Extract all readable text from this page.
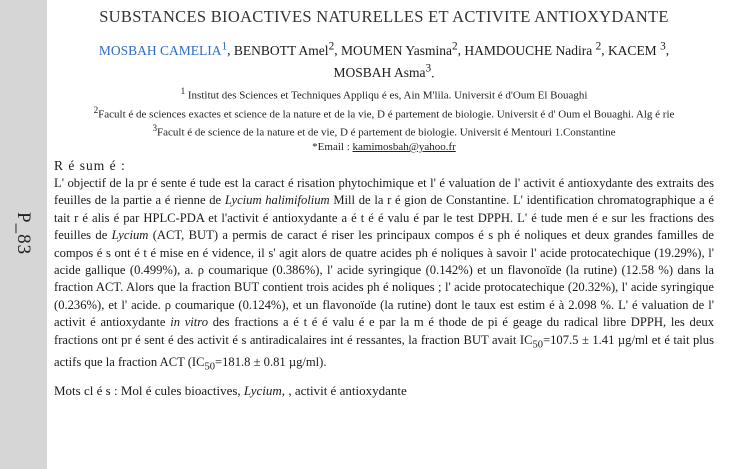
P_83
SUBSTANCES BIOACTIVES NATURELLES ET ACTIVITE ANTIOXYDANTE
MOSBAH CAMELIA$^1$, BENBOTT Amel$^2$, MOUMEN Yasmina$^2$, HAMDOUCHE Nadira $^2$, KACEM $^3$,
MOSBAH Asma$^3$.
$^1$ Institut des Sciences et Techniques Appliqu é es, Ain M'lila. Universit é d'Oum El Bouaghi
$^2$Facult é de sciences exactes et science de la nature et de la vie, D é partement de biologie. Universit é d' Oum el Bouaghi. Alg é rie
$^3$Facult é de science de la nature et de vie, D é partement de biologie. Universit é Mentouri 1.Constantine
*Email : kamimosbah@yahoo.fr
R é sum é :
L' objectif de la pr é sente é tude est la caract é risation phytochimique et l' é valuation de l' activit é antioxydante des extraits des feuilles de la partie a é rienne de Lycium halimifolium Mill de la r é gion de Constantine. L' identification chromatographique a é tait r é alis é par HPLC-PDA et l'activit é antioxydante a é t é é valu é par le test DPPH. L' é tude men é e sur les fractions des feuilles de Lycium (ACT, BUT) a permis de caract é riser les principaux compos é s ph é noliques et deux grandes familles de compos é s ont é t é mise en é vidence, il s' agit alors de quatre acides ph é noliques à savoir l' acide protocatechique (19.29%), l' acide gallique (0.499%), a. ρ coumarique (0.386%), l' acide syringique (0.142%) et un flavonoïde (la rutine) (12.58 %) dans la fraction ACT. Alors que la fraction BUT contient trois acides ph é noliques ; l' acide protocatechique (20.32%), l' acide syringique (0.236%), et l' acide. ρ coumarique (0.124%), et un flavonoïde (la rutine) dont le taux est estim é à 2.098 %. L' é valuation de l' activit é antioxydante in vitro des fractions a é t é é valu é e par la m é thode de pi é geage du radical libre DPPH, les deux fractions ont pr é sent é des activit é s antiradicalaires int é ressantes, la fraction BUT avait $IC_{50}=107.5 \pm 1.41$ µg/ml et é tait plus actifs que la fraction ACT ($IC_{50}=181.8 \pm 0.81$ µg/ml).
Mots cl é s : Mol é cules bioactives, Lycium, , activit é antioxydante
